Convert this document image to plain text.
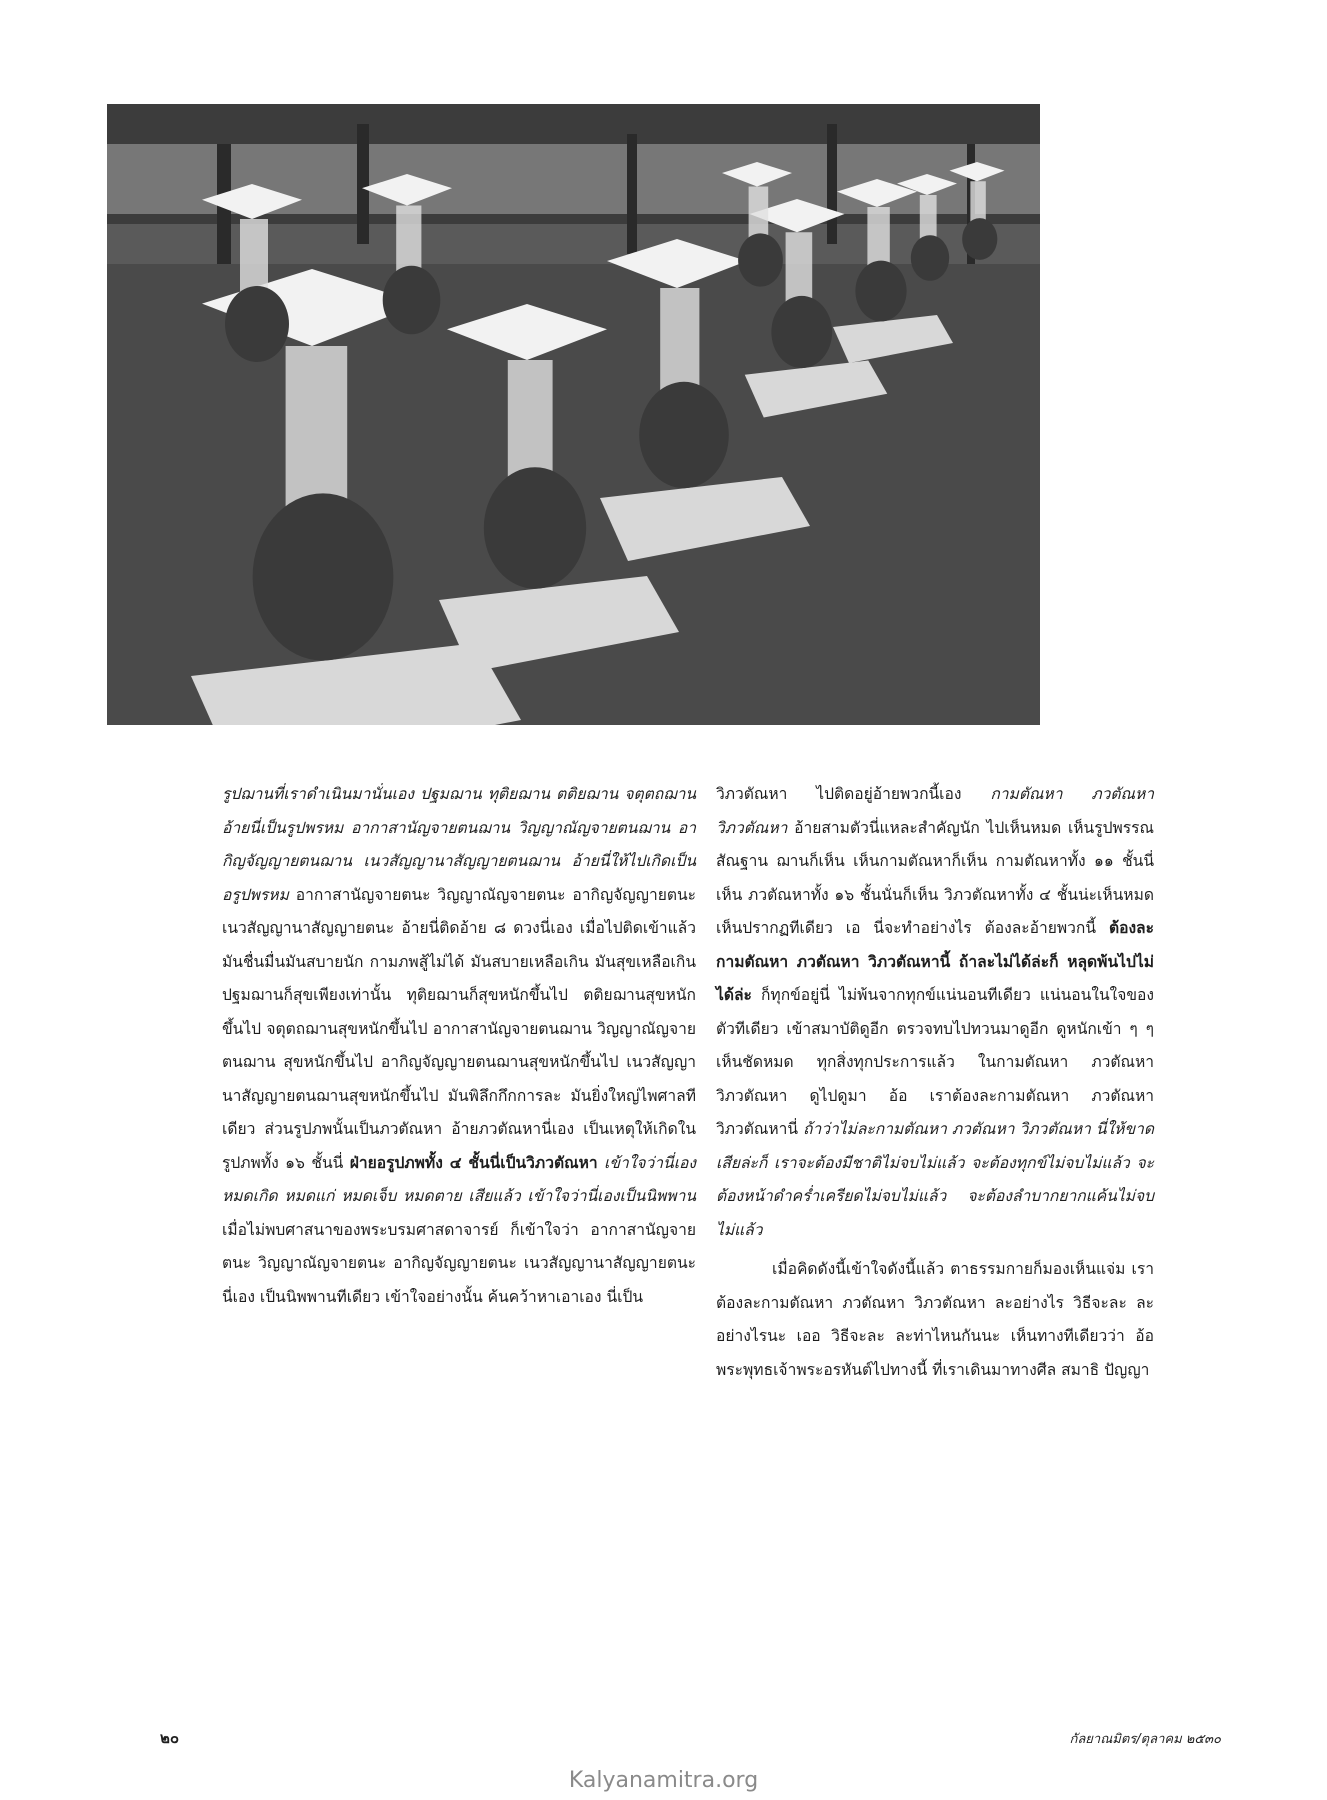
รูปฌานที่เราดำเนินมานั่นเอง ปฐมฌาน ทุติยฌาน ตติยฌาน จตุตถฌาน อ้ายนี่เป็นรูปพรหม อากาสานัญจายตนฌาน วิญญาณัญจายตนฌาน อากิญจัญญายตนฌาน เนวสัญญานาสัญญายตนฌาน อ้ายนี่ให้ไปเกิดเป็นอรูปพรหม อากาสานัญจายตนะ วิญญาณัญจายตนะ อากิญจัญญายตนะ เนวสัญญานาสัญญายตนะ อ้ายนี่ติดอ้าย ๘ ดวงนี่เอง เมื่อไปติดเข้าแล้วมันชื่นมื่นมันสบายนัก กามภพสู้ไม่ได้ มันสบายเหลือเกิน มันสุขเหลือเกิน ปฐมฌานก็สุขเพียงเท่านั้น ทุติยฌานก็สุขหนักขึ้นไป ตติยฌานสุขหนักขึ้นไป จตุตถฌานสุขหนักขึ้นไป อากาสานัญจายตนฌาน วิญญาณัญจายตนฌาน สุขหนักขึ้นไป อากิญจัญญายตนฌานสุขหนักขึ้นไป เนวสัญญานาสัญญายตนฌานสุขหนักขึ้นไป มันพิลึกกึกการละ มันยิ่งใหญ่ไพศาลทีเดียว ส่วนรูปภพนั้นเป็นภวตัณหา อ้ายภวตัณหานี่เอง เป็นเหตุให้เกิดในรูปภพทั้ง ๑๖ ชั้นนี่ ฝ่ายอรูปภพทั้ง ๔ ชั้นนี่เป็นวิภวตัณหา เข้าใจว่านี่เอง หมดเกิด หมดแก่ หมดเจ็บ หมดตาย เสียแล้ว เข้าใจว่านี่เองเป็นนิพพาน เมื่อไม่พบศาสนาของพระบรมศาสดาจารย์ ก็เข้าใจว่า อากาสานัญจายตนะ วิญญาณัญจายตนะ อากิญจัญญายตนะ เนวสัญญานาสัญญายตนะ นี่เอง เป็นนิพพานทีเดียว เข้าใจอย่างนั้น ค้นคว้าหาเอาเอง นี่เป็น
วิภวตัณหา ไปติดอยู่อ้ายพวกนี้เอง กามตัณหา ภวตัณหา วิภวตัณหา อ้ายสามตัวนี่แหละสำคัญนัก ไปเห็นหมด เห็นรูปพรรณสัณฐาน ฌานก็เห็น เห็นกามตัณหาก็เห็น กามตัณหาทั้ง ๑๑ ชั้นนี่เห็น ภวตัณหาทั้ง ๑๖ ชั้นนั่นก็เห็น วิภวตัณหาทั้ง ๔ ชั้นน่ะเห็นหมด เห็นปรากฏทีเดียว เอ นี่จะทำอย่างไร ต้องละอ้ายพวกนี้ ต้องละกามตัณหา ภวตัณหา วิภวตัณหานี้ ถ้าละไม่ได้ล่ะก็ หลุดพ้นไปไม่ได้ล่ะ ก็ทุกข์อยู่นี่ ไม่พ้นจากทุกข์แน่นอนทีเดียว แน่นอนในใจของตัวทีเดียว เข้าสมาบัติดูอีก ตรวจทบไปทวนมาดูอีก ดูหนักเข้า ๆ ๆ เห็นชัดหมด ทุกสิ่งทุกประการแล้ว ในกามตัณหา ภวตัณหา วิภวตัณหา ดูไปดูมา อ้อ เราต้องละกามตัณหา ภวตัณหา วิภวตัณหานี่ ถ้าว่าไม่ละกามตัณหา ภวตัณหา วิภวตัณหา นี่ให้ขาดเสียล่ะก็ เราจะต้องมีชาติไม่จบไม่แล้ว จะต้องทุกข์ไม่จบไม่แล้ว จะต้องหน้าดำคร่ำเครียดไม่จบไม่แล้ว จะต้องลำบากยากแค้นไม่จบไม่แล้ว
เมื่อคิดดังนี้เข้าใจดังนี้แล้ว ตาธรรมกายก็มองเห็นแจ่ม เราต้องละกามตัณหา ภวตัณหา วิภวตัณหา ละอย่างไร วิธีจะละ ละอย่างไรนะ เออ วิธีจะละ ละท่าไหนกันนะ เห็นทางทีเดียวว่า อ้อ พระพุทธเจ้าพระอรหันต์ไปทางนี้ ที่เราเดินมาทางศีล สมาธิ ปัญญา
๒๐	กัลยาณมิตร/ตุลาคม ๒๕๓๐
Kalyanamitra.org
